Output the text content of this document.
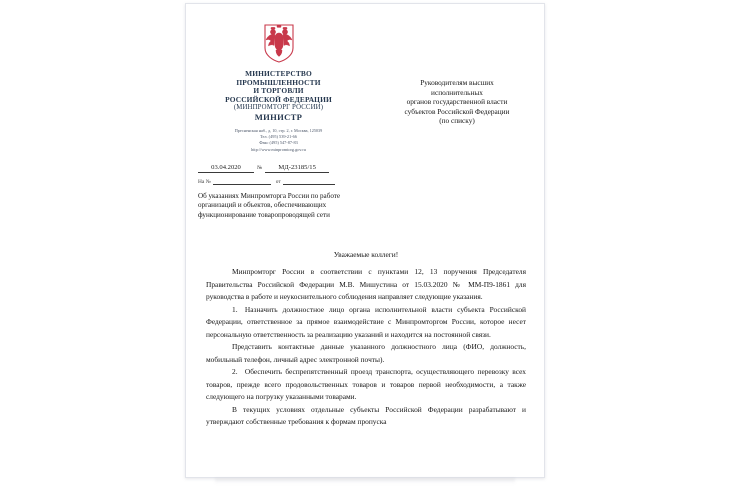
МИНИСТЕРСТВО
ПРОМЫШЛЕННОСТИ
И ТОРГОВЛИ
РОССИЙСКОЙ ФЕДЕРАЦИИ
(МИНПРОМТОРГ РОССИИ)
МИНИСТР
Пресненская наб., д. 10, стр. 2, г. Москва, 125039
Тел. (495) 539-21-66
Факс (495) 547-87-83
http://www.minpromtorg.gov.ru
03.04.2020	№ МД-23185/15
На №	от
Об указаниях Минпромторга России по работе организаций и объектов, обеспечивающих функционирование товаропроводящей сети
Руководителям высших
исполнительных
органов государственной власти
субъектов Российской Федерации
(по списку)
Уважаемые коллеги!

Минпромторг России в соответствии с пунктами 12, 13 поручения Председателя Правительства Российской Федерации М.В. Мишустина от 15.03.2020 № ММ-П9-1861 для руководства в работе и неукоснительного соблюдения направляет следующие указания.

1. Назначить должностное лицо органа исполнительной власти субъекта Российской Федерации, ответственное за прямое взаимодействие с Минпромторгом России, которое несет персональную ответственность за реализацию указаний и находится на постоянной связи.

Представить контактные данные указанного должностного лица (ФИО, должность, мобильный телефон, личный адрес электронной почты).

2. Обеспечить беспрепятственный проезд транспорта, осуществляющего перевозку всех товаров, прежде всего продовольственных товаров и товаров первой необходимости, а также следующего на погрузку указанными товарами.

В текущих условиях отдельные субъекты Российской Федерации разрабатывают и утверждают собственные требования к формам пропуска
